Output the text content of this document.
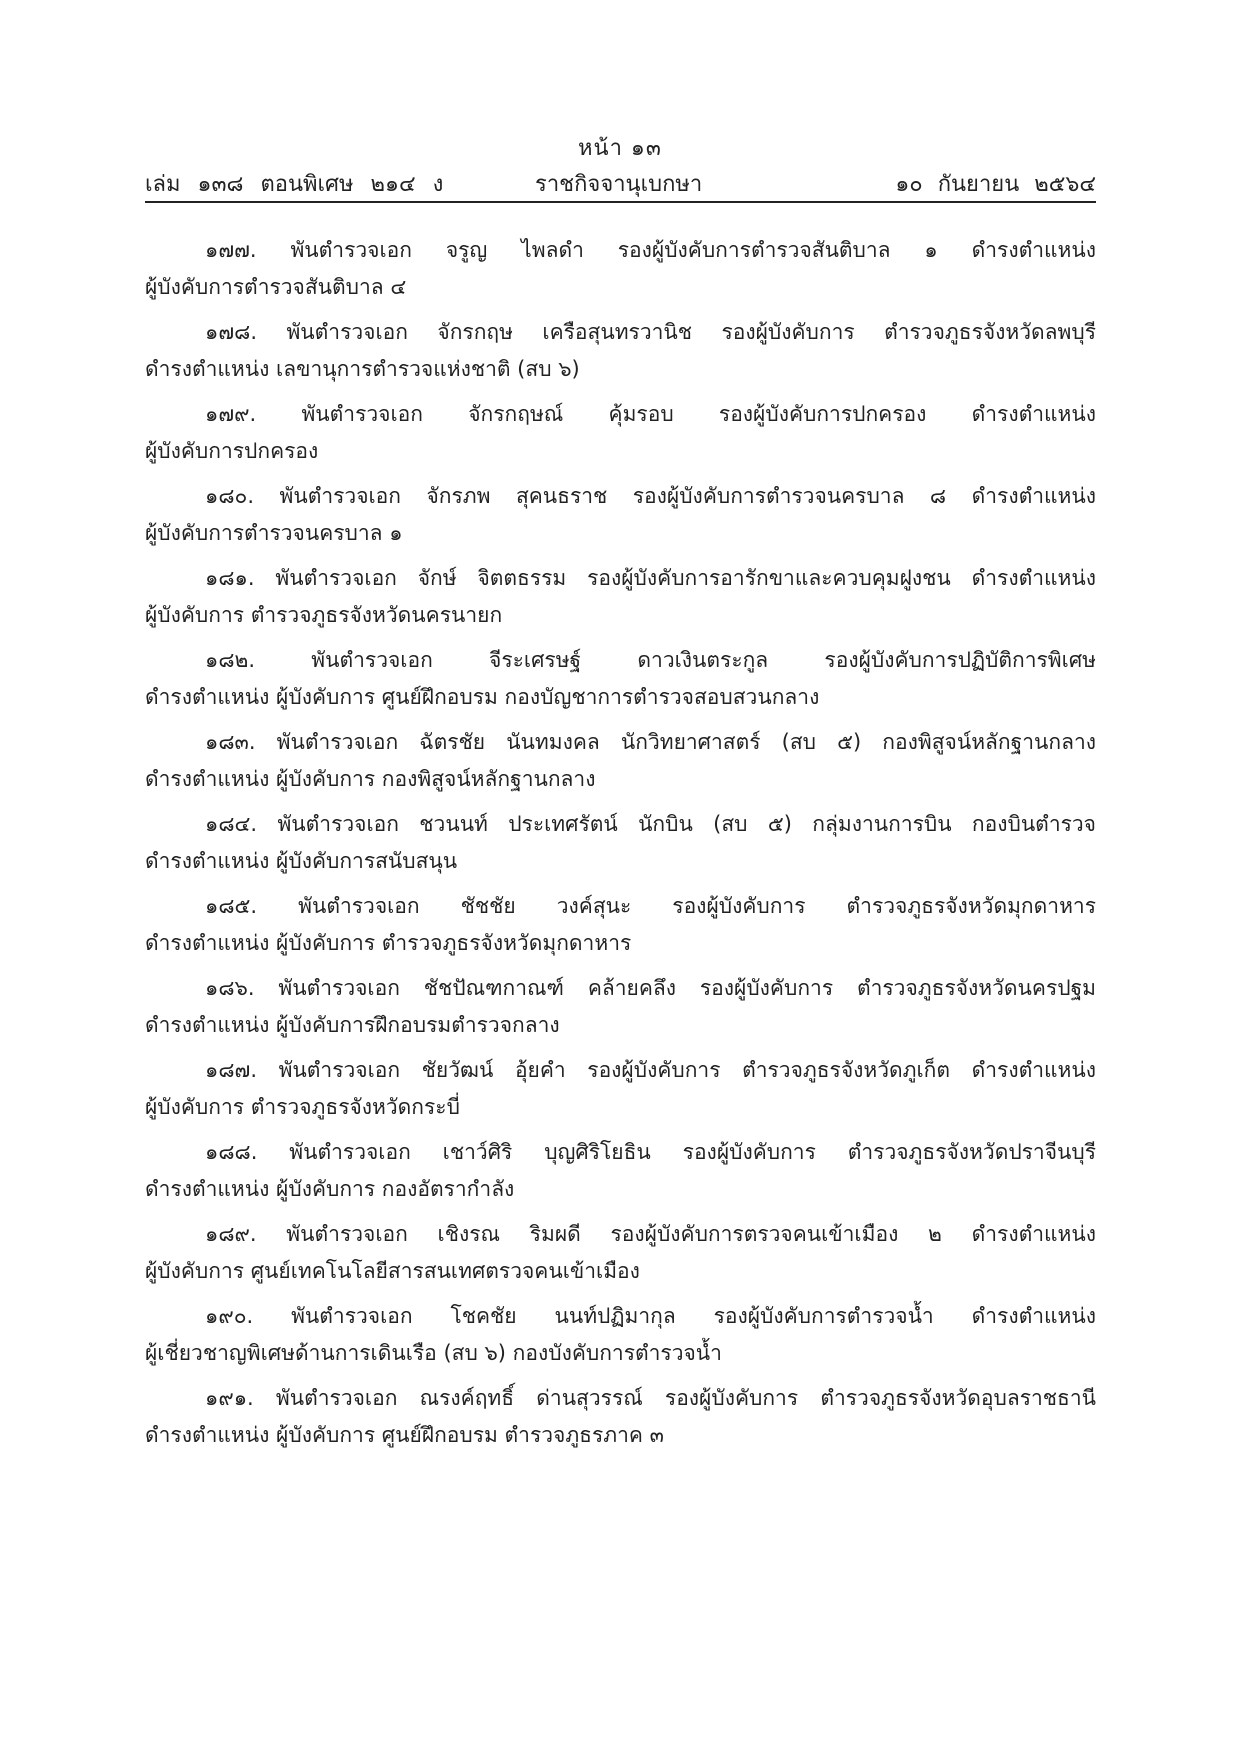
หน้า ๑๓
เล่ม ๑๓๘ ตอนพิเศษ ๒๑๔ ง	ราชกิจจานุเบกษา	๑๐ กันยายน ๒๕๖๔
๑๗๗. พันตำรวจเอก จรูญ ไพลดำ รองผู้บังคับการตำรวจสันติบาล ๑ ดำรงตำแหน่ง
ผู้บังคับการตำรวจสันติบาล ๔
๑๗๘. พันตำรวจเอก จักรกฤษ เครือสุนทรวานิช รองผู้บังคับการ ตำรวจภูธรจังหวัดลพบุรี
ดำรงตำแหน่ง เลขานุการตำรวจแห่งชาติ (สบ ๖)
๑๗๙. พันตำรวจเอก จักรกฤษณ์ คุ้มรอบ รองผู้บังคับการปกครอง ดำรงตำแหน่ง
ผู้บังคับการปกครอง
๑๘๐. พันตำรวจเอก จักรภพ สุคนธราช รองผู้บังคับการตำรวจนครบาล ๘ ดำรงตำแหน่ง
ผู้บังคับการตำรวจนครบาล ๑
๑๘๑. พันตำรวจเอก จักษ์ จิตตธรรม รองผู้บังคับการอารักขาและควบคุมฝูงชน ดำรงตำแหน่ง
ผู้บังคับการ ตำรวจภูธรจังหวัดนครนายก
๑๘๒. พันตำรวจเอก จีระเศรษฐ์ ดาวเงินตระกูล รองผู้บังคับการปฏิบัติการพิเศษ
ดำรงตำแหน่ง ผู้บังคับการ ศูนย์ฝึกอบรม กองบัญชาการตำรวจสอบสวนกลาง
๑๘๓. พันตำรวจเอก ฉัตรชัย นันทมงคล นักวิทยาศาสตร์ (สบ ๕) กองพิสูจน์หลักฐานกลาง
ดำรงตำแหน่ง ผู้บังคับการ กองพิสูจน์หลักฐานกลาง
๑๘๔. พันตำรวจเอก ชวนนท์ ประเทศรัตน์ นักบิน (สบ ๕) กลุ่มงานการบิน กองบินตำรวจ
ดำรงตำแหน่ง ผู้บังคับการสนับสนุน
๑๘๕. พันตำรวจเอก ชัชชัย วงค์สุนะ รองผู้บังคับการ ตำรวจภูธรจังหวัดมุกดาหาร
ดำรงตำแหน่ง ผู้บังคับการ ตำรวจภูธรจังหวัดมุกดาหาร
๑๘๖. พันตำรวจเอก ชัชปัณฑกาณฑ์ คล้ายคลึง รองผู้บังคับการ ตำรวจภูธรจังหวัดนครปฐม
ดำรงตำแหน่ง ผู้บังคับการฝึกอบรมตำรวจกลาง
๑๘๗. พันตำรวจเอก ชัยวัฒน์ อุ้ยคำ รองผู้บังคับการ ตำรวจภูธรจังหวัดภูเก็ต ดำรงตำแหน่ง
ผู้บังคับการ ตำรวจภูธรจังหวัดกระบี่
๑๘๘. พันตำรวจเอก เชาว์ศิริ บุญศิริโยธิน รองผู้บังคับการ ตำรวจภูธรจังหวัดปราจีนบุรี
ดำรงตำแหน่ง ผู้บังคับการ กองอัตรากำลัง
๑๘๙. พันตำรวจเอก เชิงรณ ริมผดี รองผู้บังคับการตรวจคนเข้าเมือง ๒ ดำรงตำแหน่ง
ผู้บังคับการ ศูนย์เทคโนโลยีสารสนเทศตรวจคนเข้าเมือง
๑๙๐. พันตำรวจเอก โชคชัย นนท์ปฏิมากุล รองผู้บังคับการตำรวจน้ำ ดำรงตำแหน่ง
ผู้เชี่ยวชาญพิเศษด้านการเดินเรือ (สบ ๖) กองบังคับการตำรวจน้ำ
๑๙๑. พันตำรวจเอก ณรงค์ฤทธิ์ ด่านสุวรรณ์ รองผู้บังคับการ ตำรวจภูธรจังหวัดอุบลราชธานี
ดำรงตำแหน่ง ผู้บังคับการ ศูนย์ฝึกอบรม ตำรวจภูธรภาค ๓
